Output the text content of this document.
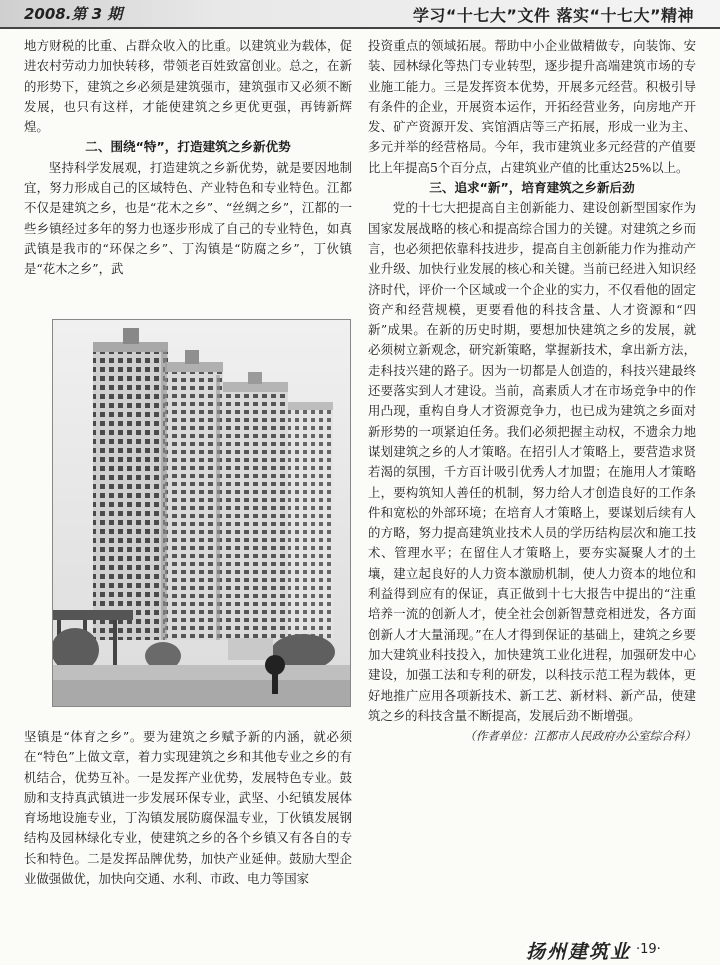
2008.第 3 期	学习“十七大”文件 落实“十七大”精神

地方财税的比重、占群众收入的比重。以建筑业为载体，促进农村劳动力加快转移，带领老百姓致富创业。总之，在新的形势下，建筑之乡必须是建筑强市，建筑强市又必须不断发展，也只有这样，才能使建筑之乡更优更强，再铸新辉煌。

二、围绕“特”，打造建筑之乡新优势

坚持科学发展观，打造建筑之乡新优势，就是要因地制宜，努力形成自己的区域特色、产业特色和专业特色。江都不仅是建筑之乡，也是“花木之乡”、“丝绸之乡”，江都的一些乡镇经过多年的努力也逐步形成了自己的专业特色，如真武镇是我市的“环保之乡”、丁沟镇是“防腐之乡”，丁伙镇是“花木之乡”，武

坚镇是“体育之乡”。要为建筑之乡赋予新的内涵，就必须在“特色”上做文章，着力实现建筑之乡和其他专业之乡的有机结合，优势互补。一是发挥产业优势，发展特色专业。鼓励和支持真武镇进一步发展环保专业，武坚、小纪镇发展体育场地设施专业，丁沟镇发展防腐保温专业，丁伙镇发展钢结构及园林绿化专业，使建筑之乡的各个乡镇又有各自的专长和特色。二是发挥品牌优势，加快产业延伸。鼓励大型企业做强做优，加快向交通、水利、市政、电力等国家

投资重点的领域拓展。帮助中小企业做精做专，向装饰、安装、园林绿化等热门专业转型，逐步提升高端建筑市场的专业施工能力。三是发挥资本优势，开展多元经营。积极引导有条件的企业，开展资本运作，开拓经营业务，向房地产开发、矿产资源开发、宾馆酒店等三产拓展，形成一业为主、多元并举的经营格局。今年，我市建筑业多元经营的产值要比上年提高5个百分点，占建筑业产值的比重达25%以上。

三、追求“新”，培育建筑之乡新后劲

党的十七大把提高自主创新能力、建设创新型国家作为国家发展战略的核心和提高综合国力的关键。对建筑之乡而言，也必须把依靠科技进步，提高自主创新能力作为推动产业升级、加快行业发展的核心和关键。当前已经进入知识经济时代，评价一个区域或一个企业的实力，不仅看他的固定资产和经营规模，更要看他的科技含量、人才资源和“四新”成果。在新的历史时期，要想加快建筑之乡的发展，就必须树立新观念，研究新策略，掌握新技术，拿出新方法，走科技兴建的路子。因为一切都是人创造的，科技兴建最终还要落实到人才建设。当前，高素质人才在市场竞争中的作用凸现，重构自身人才资源竞争力，也已成为建筑之乡面对新形势的一项紧迫任务。我们必须把握主动权，不遗余力地谋划建筑之乡的人才策略。在招引人才策略上，要营造求贤若渴的氛围，千方百计吸引优秀人才加盟；在施用人才策略上，要构筑知人善任的机制，努力给人才创造良好的工作条件和宽松的外部环境；在培育人才策略上，要谋划后续有人的方略，努力提高建筑业技术人员的学历结构层次和施工技术、管理水平；在留住人才策略上，要夯实凝聚人才的土壤，建立起良好的人力资本激励机制，使人力资本的地位和利益得到应有的保证，真正做到十七大报告中提出的“注重培养一流的创新人才，使全社会创新智慧竞相迸发，各方面创新人才大量涌现。”在人才得到保证的基础上，建筑之乡要加大建筑业科技投入，加快建筑工业化进程，加强研发中心建设，加强工法和专利的研发，以科技示范工程为载体，更好地推广应用各项新技术、新工艺、新材料、新产品，使建筑之乡的科技含量不断提高，发展后劲不断增强。

（作者单位：江都市人民政府办公室综合科）

扬州建筑业 ·19·
